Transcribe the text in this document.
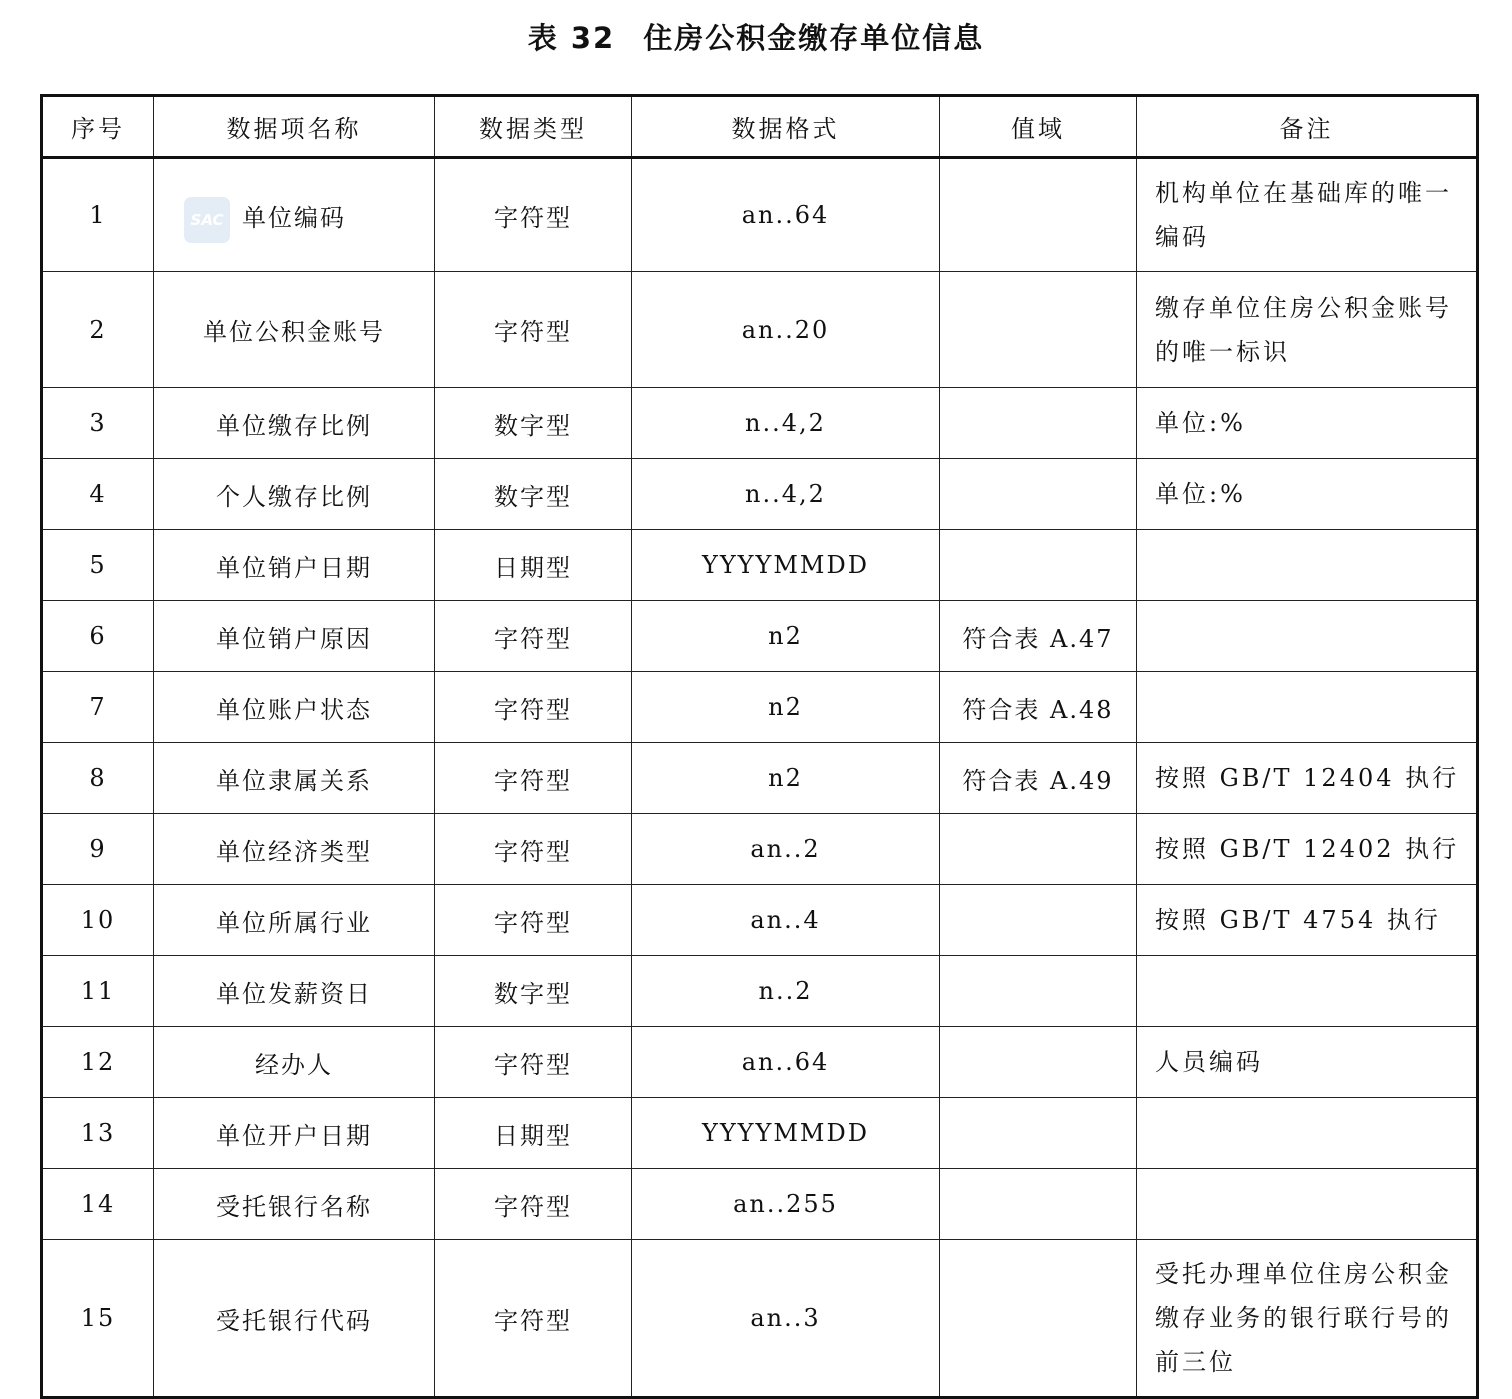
表 32 住房公积金缴存单位信息
序号	数据项名称	数据类型	数据格式	值域	备注
1	SAC 单位编码	字符型	an..64		机构单位在基础库的唯一编码
2	单位公积金账号	字符型	an..20		缴存单位住房公积金账号的唯一标识
3	单位缴存比例	数字型	n..4,2		单位:%
4	个人缴存比例	数字型	n..4,2		单位:%
5	单位销户日期	日期型	YYYYMMDD		
6	单位销户原因	字符型	n2	符合表 A.47	
7	单位账户状态	字符型	n2	符合表 A.48	
8	单位隶属关系	字符型	n2	符合表 A.49	按照 GB/T 12404 执行
9	单位经济类型	字符型	an..2		按照 GB/T 12402 执行
10	单位所属行业	字符型	an..4		按照 GB/T 4754 执行
11	单位发薪资日	数字型	n..2		
12	经办人	字符型	an..64		人员编码
13	单位开户日期	日期型	YYYYMMDD		
14	受托银行名称	字符型	an..255		
15	受托银行代码	字符型	an..3		受托办理单位住房公积金缴存业务的银行联行号的前三位
